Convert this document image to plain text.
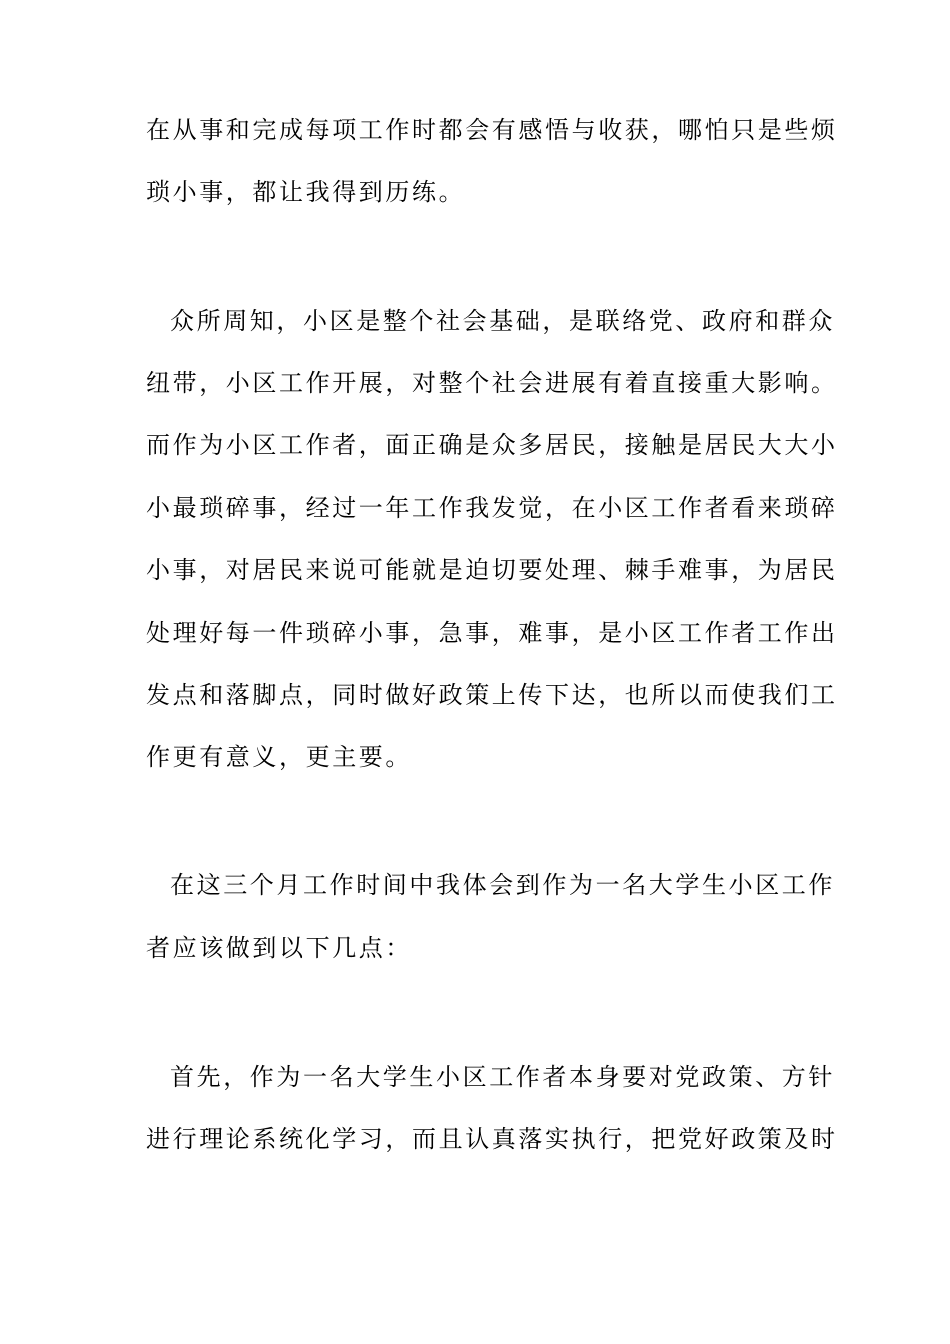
在从事和完成每项工作时都会有感悟与收获，哪怕只是些烦
琐小事，都让我得到历练。
众所周知，小区是整个社会基础，是联络党、政府和群众
纽带，小区工作开展，对整个社会进展有着直接重大影响。
而作为小区工作者，面正确是众多居民，接触是居民大大小
小最琐碎事，经过一年工作我发觉，在小区工作者看来琐碎
小事，对居民来说可能就是迫切要处理、棘手难事，为居民
处理好每一件琐碎小事，急事，难事，是小区工作者工作出
发点和落脚点，同时做好政策上传下达，也所以而使我们工
作更有意义，更主要。
在这三个月工作时间中我体会到作为一名大学生小区工作
者应该做到以下几点：
首先，作为一名大学生小区工作者本身要对党政策、方针
进行理论系统化学习，而且认真落实执行，把党好政策及时
